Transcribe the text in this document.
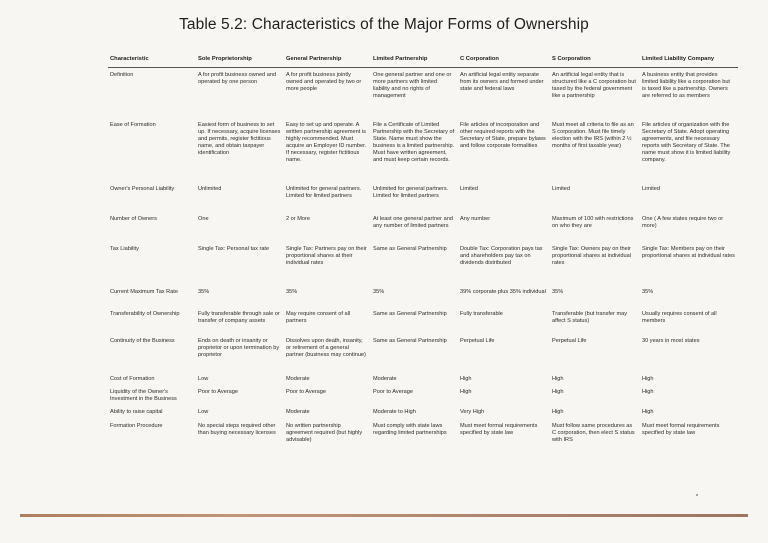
Table 5.2: Characteristics of the Major Forms of Ownership
Characteristic	Sole Proprietorship	General Partnership	Limited Partnership	C Corporation	S Corporation	Limited Liability Company
Definition	A for profit business owned and operated by one person	A for profit business jointly owned and operated by two or more people	One general partner and one or more partners with limited liability and no rights of management	An artificial legal entity separate from its owners and formed under state and federal laws	An artificial legal entity that is structured like a C corporation but taxed by the federal government like a partnership	A business entity that provides limited liability like a corporation but is taxed like a partnership. Owners are referred to as members
Ease of Formation	Easiest form of business to set up. If necessary, acquire licenses and permits, register fictitious name, and obtain taxpayer identification	Easy to set up and operate. A written partnership agreement is highly recommended. Must acquire an Employer ID number. If necessary, register fictitious name.	File a Certificate of Limited Partnership with the Secretary of State. Name must show the business is a limited partnership. Must have written agreement, and must keep certain records.	File articles of incorporation and other required reports with the Secretary of State, prepare bylaws and follow corporate formalities	Must meet all criteria to file as an S corporation. Must file timely election with the IRS (within 2 ½ months of first taxable year)	File articles of organization with the Secretary of State. Adopt operating agreements, and file necessary reports with Secretary of State. The name must show it is limited liability company.
Owner's Personal Liability	Unlimited	Unlimited for general partners. Limited for limited partners	Unlimited for general partners. Limited for limited partners	Limited	Limited	Limited
Number of Owners	One	2 or More	At least one general partner and any number of limited partners	Any number	Maximum of 100 with restrictions on who they are	One ( A few states require two or more)
Tax Liability	Single Tax: Personal tax rate	Single Tax: Partners pay on their proportional shares at their individual rates	Same as General Partnership	Double Tax: Corporation pays tax and shareholders pay tax on dividends distributed	Single Tax: Owners pay on their proportional shares at individual rates	Single Tax: Members pay on their proportional shares at individual rates
Current Maximum Tax Rate	35%	35%	35%	39% corporate plus 35% individual	35%	35%
Transferability of Ownership	Fully transferable through sale or transfer of company assets	May require consent of all partners	Same as General Partnership	Fully transferable	Transferable (but transfer may affect S status)	Usually requires consent of all members
Continuity of the Business	Ends on death or insanity or proprietor or upon termination by proprietor	Dissolves upon death, insanity, or retirement of a general partner (business may continue)	Same as General Partnership	Perpetual Life	Perpetual Life	30 years in most states
Cost of Formation	Low	Moderate	Moderate	High	High	High
Liquidity of the Owner's Investment in the Business	Poor to Average	Poor to Average	Poor to Average	High	High	High
Ability to raise capital	Low	Moderate	Moderate to High	Very High	High	High
Formation Procedure	No special steps required other than buying necessary licenses	No written partnership agreement required (but highly advisable)	Must comply with state laws regarding limited partnerships	Must meet formal requirements specified by state law	Must follow same procedures as C corporation, then elect S status with IRS	Must meet formal requirements specified by state law
